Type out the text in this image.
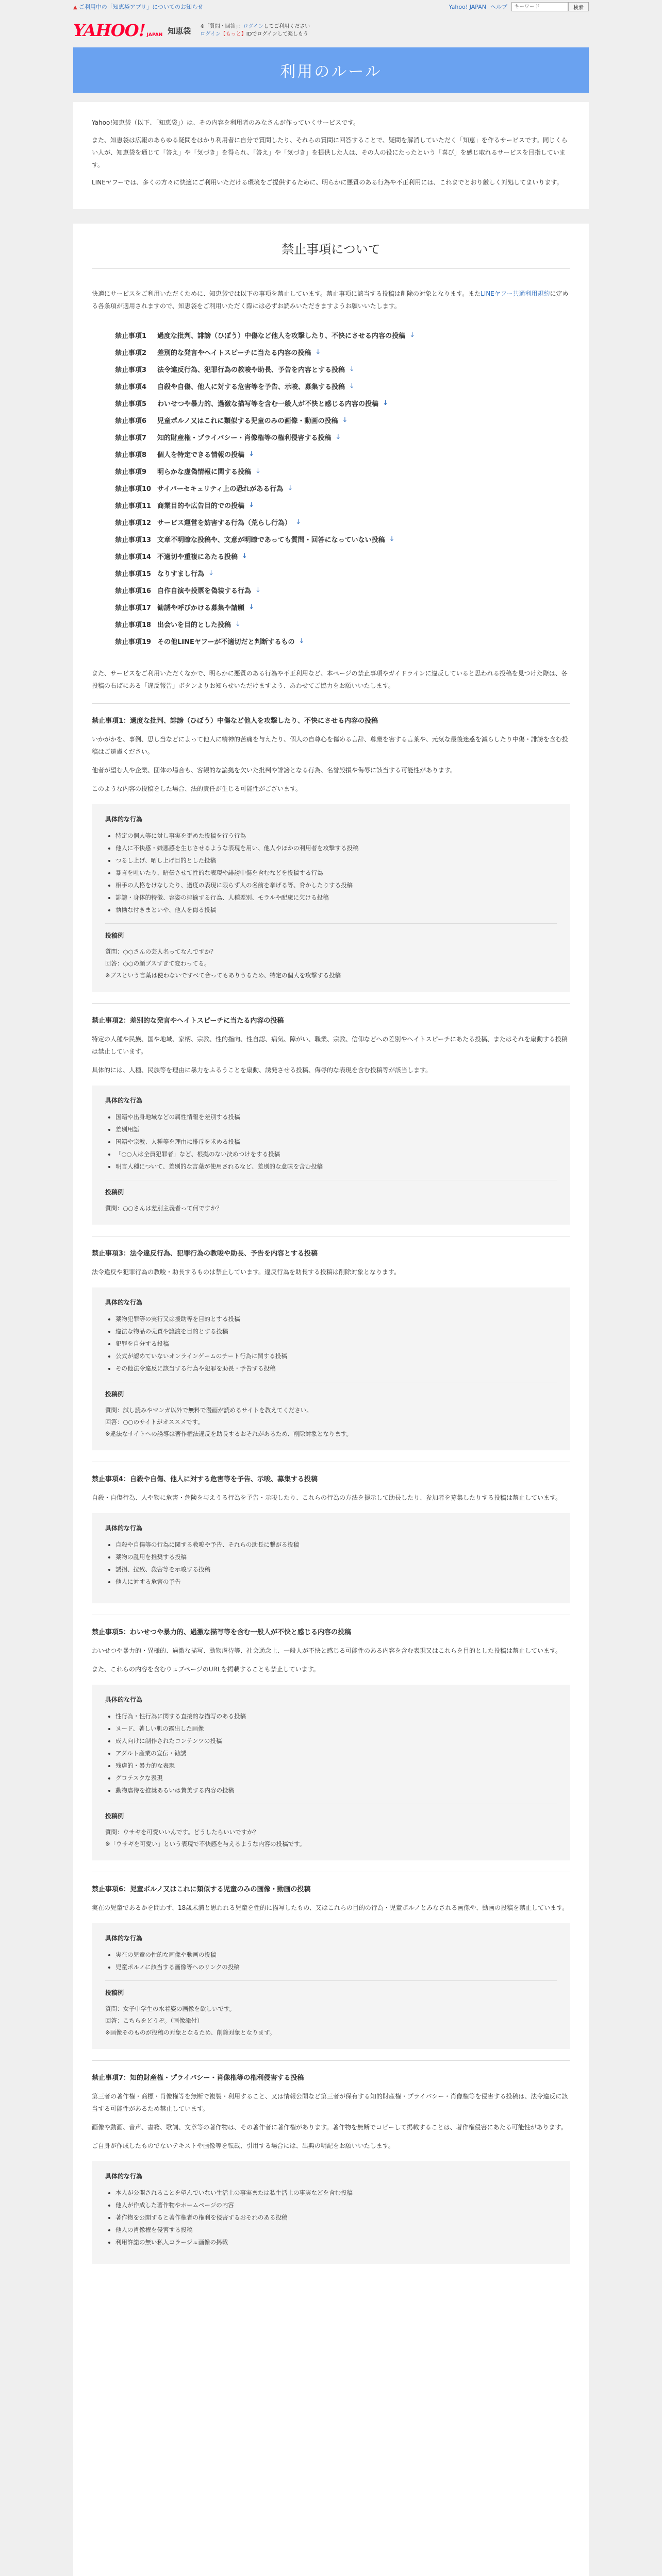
▲ ご利用中の「知恵袋アプリ」についてのお知らせ	Yahoo! JAPAN ヘルプ
キーワード	検索
YAHOO! JAPAN 知恵袋 ※「質問・回答」：ログインしてご利用ください
ログイン【もっと】IDでログインして楽しもう
利用のルール

Yahoo!知恵袋（以下、「知恵袋」）は、その内容を利用者のみなさんが作っていくサービスです。

また、知恵袋は広報のあらゆる疑問をはかり利用者に自分で質問したり、それらの質問に回答することで、疑問を解消していただく「知恵」を作るサービスです。同じくらい人が、知恵袋を通じて「答え」や「気づき」を得られ、「答え」や「気づき」を提供した人は、その人の役にたったという「喜び」を感じ取れるサービスを目指しています。

LINEヤフーでは、多くの方々に快適にご利用いただける環境をご提供するために、明らかに悪質のある行為や不正利用には、これまでとおり厳しく対処してまいります。

禁止事項について

快適にサービスをご利用いただくために、知恵袋では以下の事項を禁止しています。禁止事項に該当する投稿は削除の対象となります。またLINEヤフー共通利用規約に定める各条項が適用されますので、知恵袋をご利用いただく際には必ずお読みいただきますようお願いいたします。

禁止事項1	過度な批判、誹謗（ひぼう）中傷など他人を攻撃したり、不快にさせる内容の投稿 ↓
禁止事項2	差別的な発言やヘイトスピーチに当たる内容の投稿 ↓
禁止事項3	法令違反行為、犯罪行為の教唆や助長、予告を内容とする投稿 ↓
禁止事項4	自殺や自傷、他人に対する危害等を予告、示唆、募集する投稿 ↓
禁止事項5	わいせつや暴力的、過激な描写等を含む一般人が不快と感じる内容の投稿 ↓
禁止事項6	児童ポルノ又はこれに類似する児童のみの画像・動画の投稿 ↓
禁止事項7	知的財産権・プライバシー・肖像権等の権利侵害する投稿 ↓
禁止事項8	個人を特定できる情報の投稿 ↓
禁止事項9	明らかな虚偽情報に関する投稿 ↓
禁止事項10 サイバーセキュリティ上の恐れがある行為 ↓
禁止事項11 商業目的や広告目的での投稿 ↓
禁止事項12 サービス運営を妨害する行為（荒らし行為） ↓
禁止事項13 文章不明瞭な投稿や、文意が明瞭であっても質問・回答になっていない投稿 ↓
禁止事項14 不適切や重複にあたる投稿 ↓
禁止事項15 なりすまし行為 ↓
禁止事項16 自作自演や投票を偽装する行為 ↓
禁止事項17 勧誘や呼びかける募集や請願 ↓
禁止事項18 出会いを目的とした投稿 ↓
禁止事項19 その他LINEヤフーが不適切だと判断するもの ↓

また、サービスをご利用いただくなかで、明らかに悪質のある行為や不正利用など、本ページの禁止事項やガイドラインに違反していると思われる投稿を見つけた際は、各投稿の右ばにある「違反報告」ボタンよりお知らせいただけますよう、あわせてご協力をお願いいたします。

禁止事項1：過度な批判、誹謗（ひぼう）中傷など他人を攻撃したり、不快にさせる内容の投稿

いかがかを、事例、思し当などによって他人に精神的苦痛を与えたり、個人の自尊心を傷める言辞、尊厳を害する言葉や、元気な最後迷惑を減らしたり中傷・誹謗を含む投稿はご遠慮ください。

他者が望む人や企業、団体の場合も、客観的な論拠を欠いた批判や誹謗となる行為、名誉毀損や侮辱に該当する可能性があります。

このような内容の投稿をした場合、法的責任が生じる可能性がございます。

具体的な行為
• 特定の個人等に対し事実を歪めた投稿を行う行為
• 他人に不快感・嫌悪感を生じさせるような表現を用い、他人やほかの利用者を攻撃する投稿
• つるし上げ、晒し上げ目的とした投稿
• 暴言を吐いたり、暗伝させて性的な表現や誹謗中傷を含むなどを投稿する行為
• 相手の人格をけなしたり、過度の表現に限らず人の名前を挙げる等、脅かしたりする投稿
• 誹謗・身体的特徴、容姿の揶揄する行為、人種差別、モラルや配慮に欠ける投稿
• 執拗な付きまといや、他人を侮る投稿
投稿例

質問：○○さんの芸人名ってなんですか？

回答：○○の顔ブスすぎて変わってる。

※ブスという言葉は使わないですべて合ってもありうるため、特定の個人を攻撃する投稿

禁止事項2：差別的な発言やヘイトスピーチに当たる内容の投稿

特定の人種や民族、国や地域、家柄、宗教、性的指向、性自認、病気、障がい、職業、宗教、信仰などへの差別やヘイトスピーチにあたる投稿、またはそれを扇動する投稿は禁止しています。

具体的には、人種、民族等を理由に暴力をふるうことを扇動、誘発させる投稿、侮辱的な表現を含む投稿等が該当します。

具体的な行為
• 国籍や出身地域などの属性情報を差別する投稿
• 差別用語
• 国籍や宗教、人種等を理由に排斥を求める投稿
• 「○○人は全員犯罪者」など、根拠のない決めつけをする投稿
• 明言人種について、差別的な言葉が使用されるなど、差別的な意味を含む投稿
投稿例

質問：○○さんは差別主義者って何ですか？

禁止事項3：法令違反行為、犯罪行為の教唆や助長、予告を内容とする投稿

法令違反や犯罪行為の教唆・助長するものは禁止しています。違反行為を助長する投稿は削除対象となります。

具体的な行為
• 薬物犯罪等の実行又は援助等を目的とする投稿
• 違法な物品の売買や譲渡を目的とする投稿
• 犯罪を自分する投稿
• 公式が認めていないオンラインゲームのチート行為に関する投稿
• その他法令違反に該当する行為や犯罪を助長・予告する投稿
投稿例

質問：試し読みやマンガ以外で無料で漫画が読めるサイトを教えてください。

回答：○○のサイトがオススメです。

※違法なサイトへの誘導は著作権法違反を助長するおそれがあるため、削除対象となります。

禁止事項4：自殺や自傷、他人に対する危害等を予告、示唆、募集する投稿

自殺・自傷行為、人や物に危害・危険を与えうる行為を予告・示唆したり、これらの行為の方法を提示して助長したり、参加者を募集したりする投稿は禁止しています。

具体的な行為
• 自殺や自傷等の行為に関する教唆や予告、それらの助長に繋がる投稿
• 薬物の乱用を推奨する投稿
• 誘拐、拉致、殺害等を示唆する投稿
• 他人に対する危害の予告
禁止事項5：わいせつや暴力的、過激な描写等を含む一般人が不快と感じる内容の投稿

わいせつや暴力的・異様的、過激な描写、動物虐待等、社会通念上、一般人が不快と感じる可能性のある内容を含む表現又はこれらを目的とした投稿は禁止しています。

また、これらの内容を含むウェブページのURLを掲載することも禁止しています。

具体的な行為
• 性行為・性行為に関する直接的な描写のある投稿
• ヌード、著しい肌の露出した画像
• 成人向けに制作されたコンテンツの投稿
• アダルト産業の宣伝・勧誘
• 残虐的・暴力的な表現
• グロテスクな表現
• 動物虐待を推奨あるいは賛美する内容の投稿
投稿例

質問：ウサギを可愛いいんです。どうしたらいいですか？

※「ウサギを可愛い」という表現で不快感を与えるような内容の投稿です。

禁止事項6：児童ポルノ又はこれに類似する児童のみの画像・動画の投稿

実在の児童であるかを問わず、18歳未満と思われる児童を性的に描写したもの、又はこれらの目的の行為・児童ポルノとみなされる画像や、動画の投稿を禁止しています。

具体的な行為
• 実在の児童の性的な画像や動画の投稿
• 児童ポルノに該当する画像等へのリンクの投稿
投稿例

質問：女子中学生の水着姿の画像を欲しいです。

回答：こちらをどうぞ。（画像添付）

※画像そのものが投稿の対象となるため、削除対象となります。

禁止事項7：知的財産権・プライバシー・肖像権等の権利侵害する投稿

第三者の著作権・商標・肖像権等を無断で複製・利用すること、又は情報公開など第三者が保有する知的財産権・プライバシー・肖像権等を侵害する投稿は、法令違反に該当する可能性があるため禁止しています。

画像や動画、音声、書籍、歌詞、文章等の著作物は、その著作者に著作権があります。著作物を無断でコピーして掲載することは、著作権侵害にあたる可能性があります。

ご自身が作成したものでないテキストや画像等を転載、引用する場合には、出典の明記をお願いいたします。

具体的な行為
• 本人が公開されることを望んでいない生活上の事実または私生活上の事実などを含む投稿
• 他人が作成した著作物やホームページの内容
• 著作物を公開すると著作権者の権利を侵害するおそれのある投稿
• 他人の肖像権を侵害する投稿
• 利用許諾の無い私人コラージュ画像の掲載
